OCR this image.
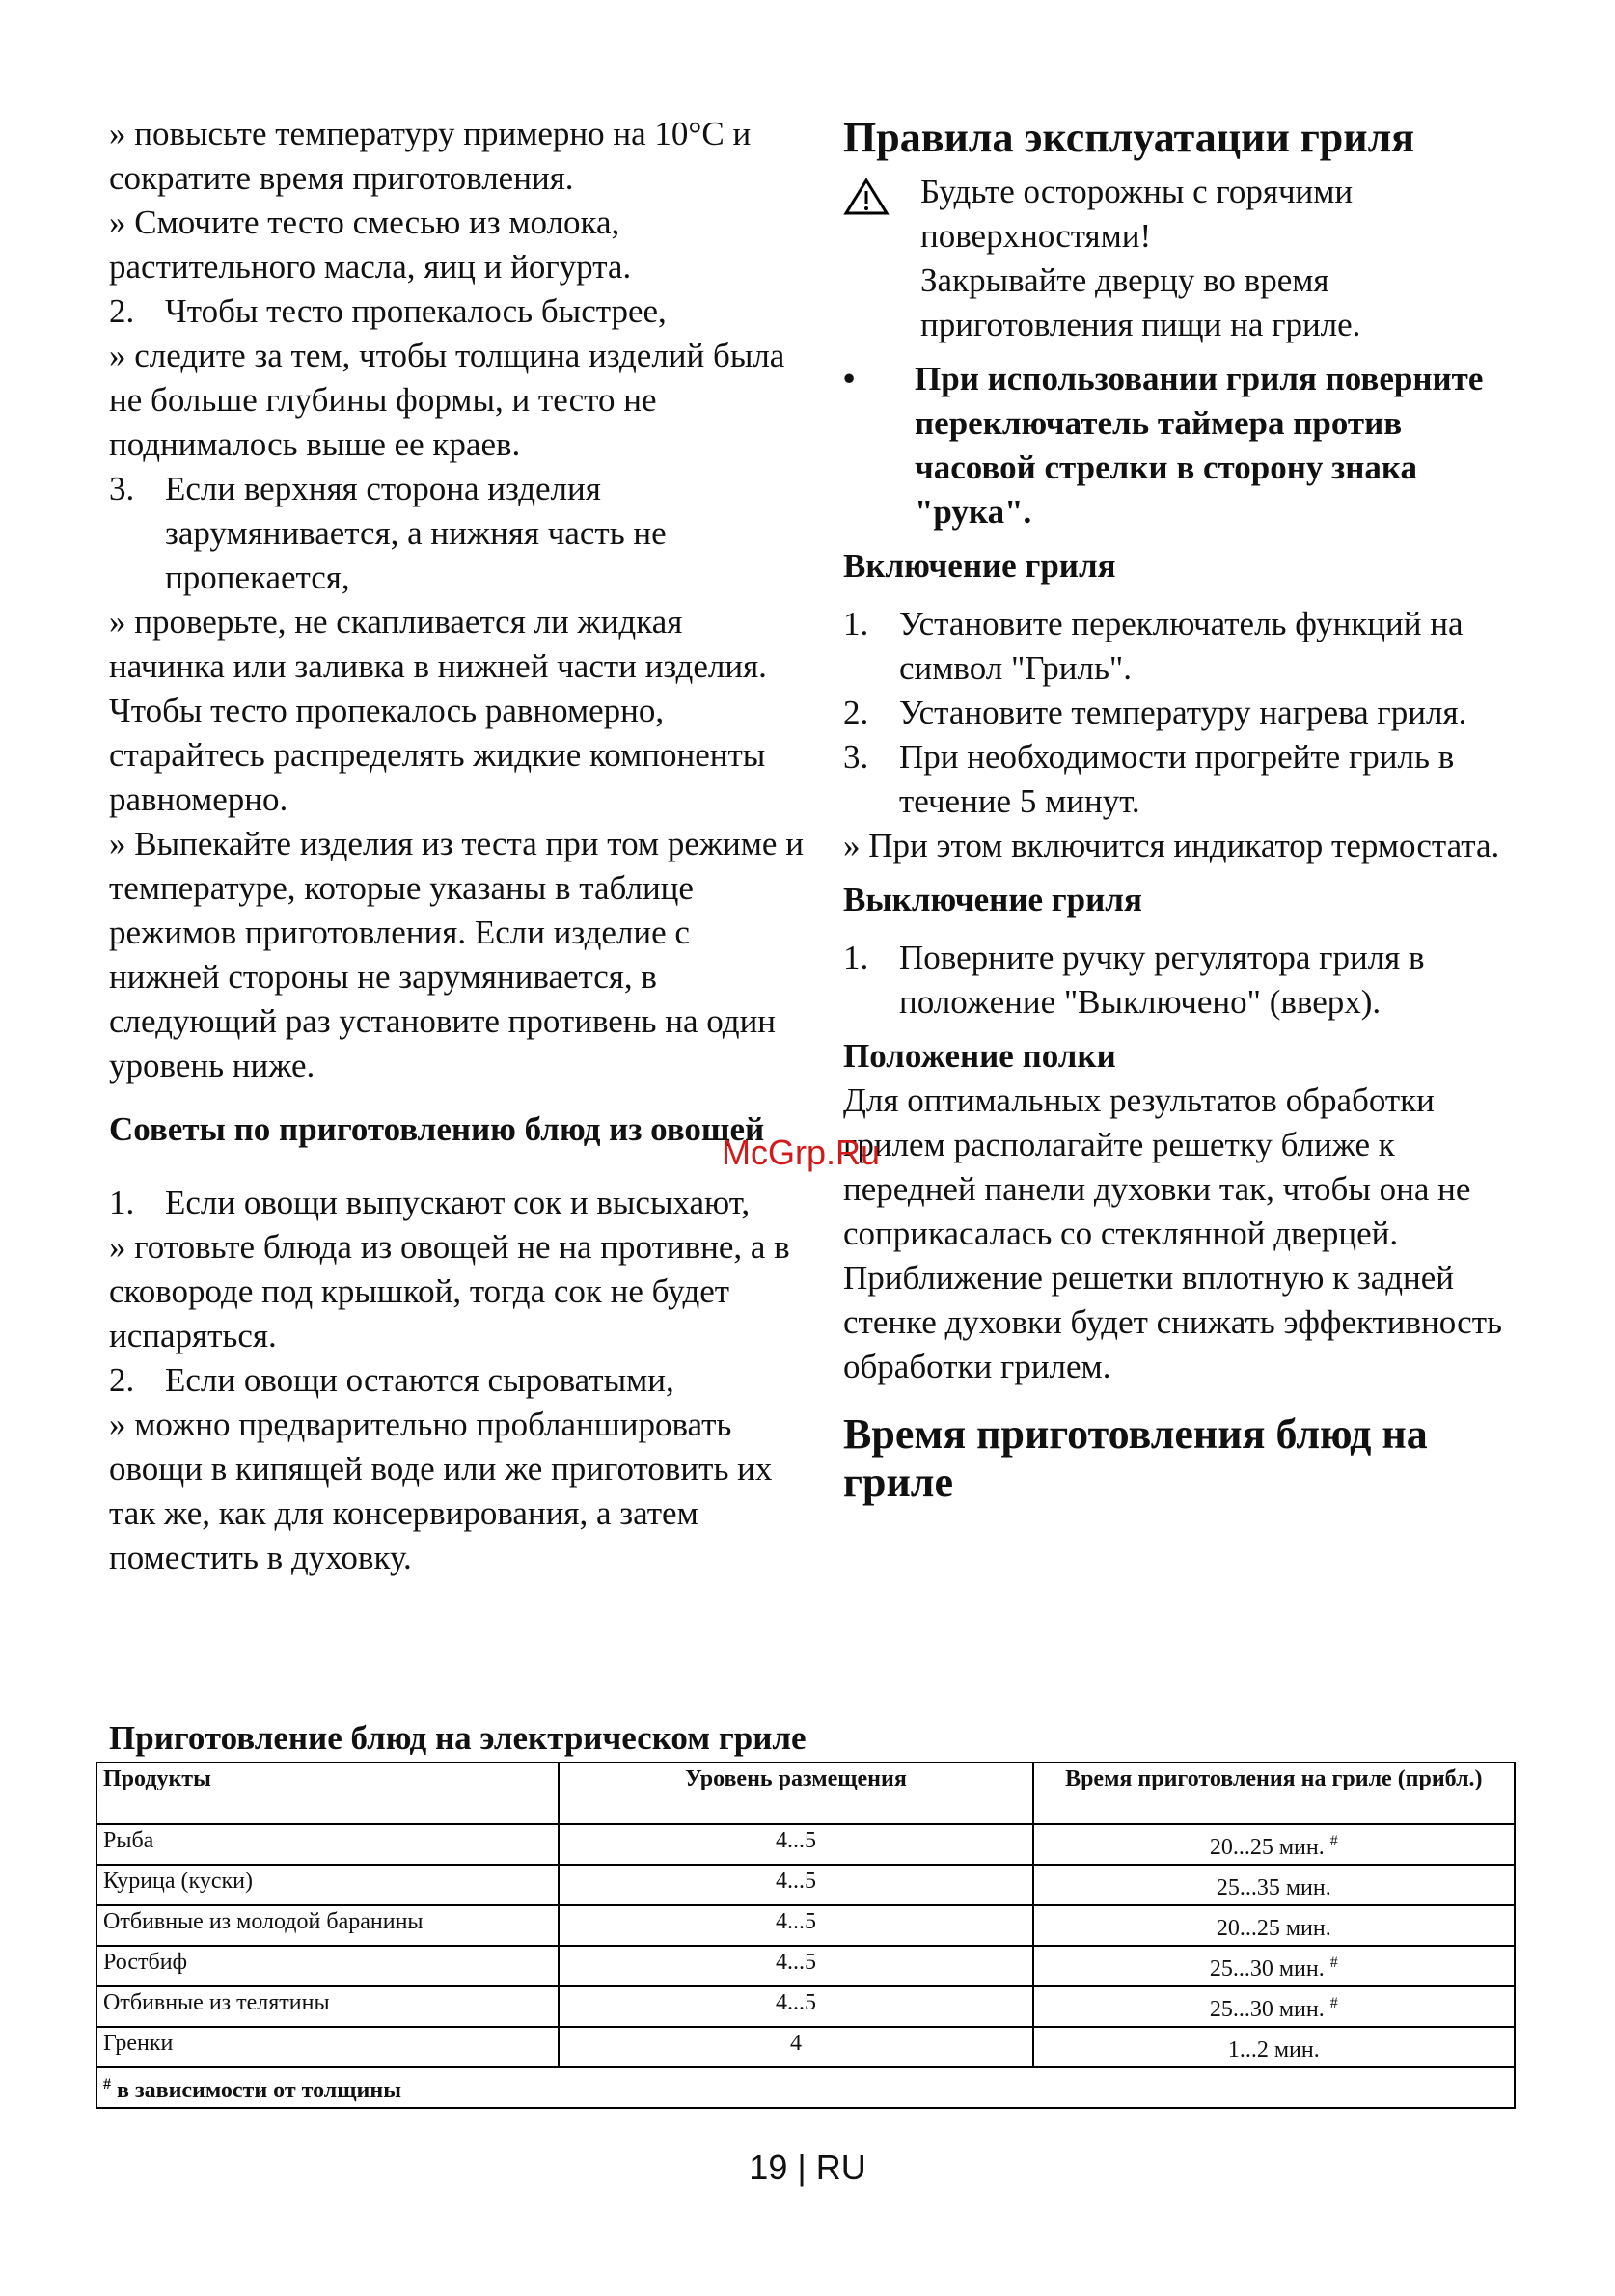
» повысьте температуру примерно на 10°С и сократите время приготовления.

» Смочите тесто смесью из молока, растительного масла, яиц и йогурта.

2. Чтобы тесто пропекалось быстрее,

» следите за тем, чтобы толщина изделий была не больше глубины формы, и тесто не поднималось выше ее краев.

3. Если верхняя сторона изделия зарумянивается, а нижняя часть не пропекается,

» проверьте, не скапливается ли жидкая начинка или заливка в нижней части изделия. Чтобы тесто пропекалось равномерно, старайтесь распределять жидкие компоненты равномерно.

» Выпекайте изделия из теста при том режиме и температуре, которые указаны в таблице режимов приготовления. Если изделие с нижней стороны не зарумянивается, в следующий раз установите противень на один уровень ниже.

Советы по приготовлению блюд из овощей

1. Если овощи выпускают сок и высыхают,

» готовьте блюда из овощей не на противне, а в сковороде под крышкой, тогда сок не будет испаряться.

2. Если овощи остаются сыроватыми,

» можно предварительно пробланшировать овощи в кипящей воде или же приготовить их так же, как для консервирования, а затем поместить в духовку.

Правила эксплуатации гриля

Будьте осторожны с горячими поверхностями!
Закрывайте дверцу во время приготовления пищи на гриле.
•	При использовании гриля поверните переключатель таймера против часовой стрелки в сторону знака "рука".

Включение гриля

1. Установите переключатель функций на символ "Гриль".
2. Установите температуру нагрева гриля.
3. При необходимости прогрейте гриль в течение 5 минут.

» При этом включится индикатор термостата.

Выключение гриля

1. Поверните ручку регулятора гриля в положение "Выключено" (вверх).

Положение полки

Для оптимальных результатов обработки грилем располагайте решетку ближе к передней панели духовки так, чтобы она не соприкасалась со стеклянной дверцей. Приближение решетки вплотную к задней стенке духовки будет снижать эффективность обработки грилем.

Время приготовления блюд на гриле

McGrp.Ru
Приготовление блюд на электрическом гриле
Продукты	Уровень размещения	Время приготовления на гриле (прибл.)
Рыба	4...5	20...25 мин. #
Курица (куски)	4...5	25...35 мин.
Отбивные из молодой баранины	4...5	20...25 мин.
Ростбиф	4...5	25...30 мин. #
Отбивные из телятины	4...5	25...30 мин. #
Гренки	4	1...2 мин.
# в зависимости от толщины		
19 | RU
